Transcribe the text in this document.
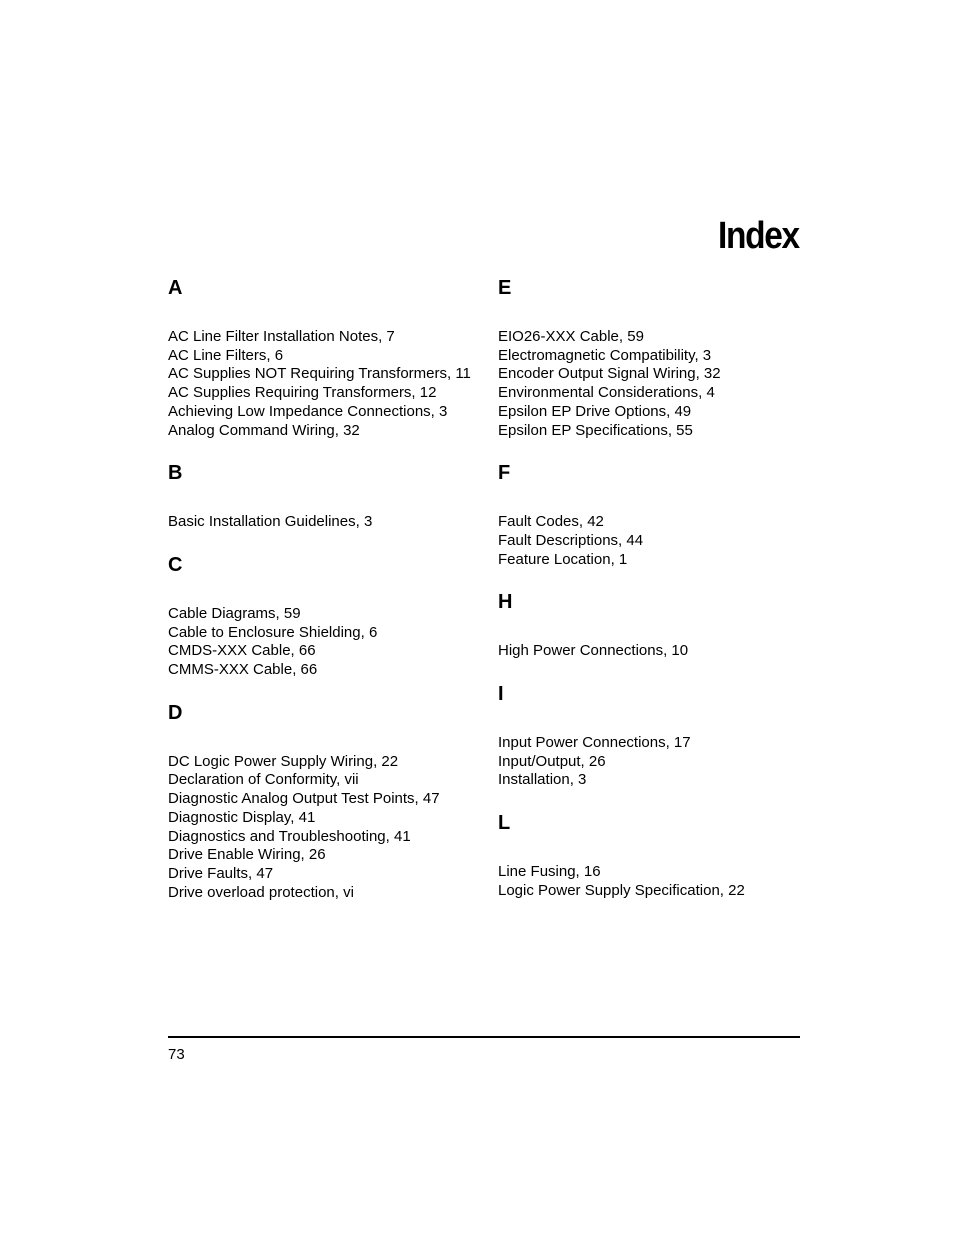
Index
A
AC Line Filter Installation Notes, 7
AC Line Filters, 6
AC Supplies NOT Requiring Transformers, 11
AC Supplies Requiring Transformers, 12
Achieving Low Impedance Connections, 3
Analog Command Wiring, 32
B
Basic Installation Guidelines, 3
C
Cable Diagrams, 59
Cable to Enclosure Shielding, 6
CMDS-XXX Cable, 66
CMMS-XXX Cable, 66
D
DC Logic Power Supply Wiring, 22
Declaration of Conformity, vii
Diagnostic Analog Output Test Points, 47
Diagnostic Display, 41
Diagnostics and Troubleshooting, 41
Drive Enable Wiring, 26
Drive Faults, 47
Drive overload protection, vi
E
EIO26-XXX Cable, 59
Electromagnetic Compatibility, 3
Encoder Output Signal Wiring, 32
Environmental Considerations, 4
Epsilon EP Drive Options, 49
Epsilon EP Specifications, 55
F
Fault Codes, 42
Fault Descriptions, 44
Feature Location, 1
H
High Power Connections, 10
I
Input Power Connections, 17
Input/Output, 26
Installation, 3
L
Line Fusing, 16
Logic Power Supply Specification, 22
73
